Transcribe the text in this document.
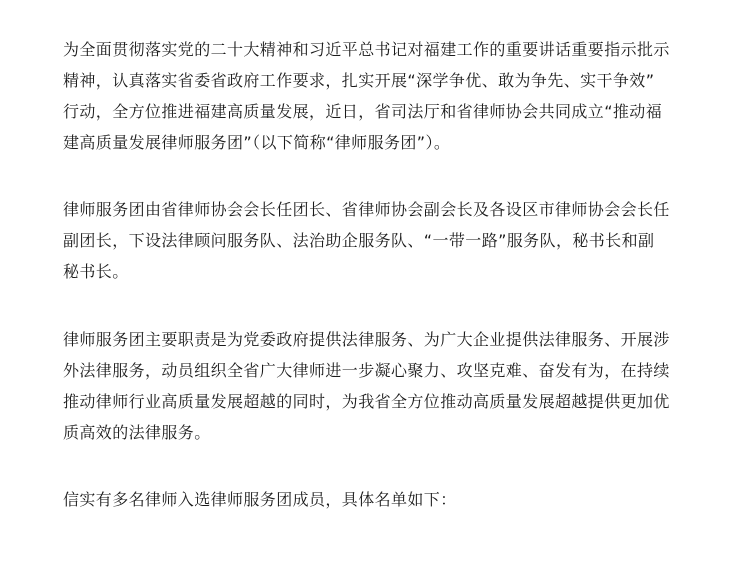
为全面贯彻落实党的二十大精神和习近平总书记对福建工作的重要讲话重要指示批示
精神，认真落实省委省政府工作要求，扎实开展“深学争优、敢为争先、实干争效”
行动，全方位推进福建高质量发展，近日，省司法厅和省律师协会共同成立“推动福
建高质量发展律师服务团”（以下简称“律师服务团”）。

律师服务团由省律师协会会长任团长、省律师协会副会长及各设区市律师协会会长任
副团长，下设法律顾问服务队、法治助企服务队、“一带一路”服务队，秘书长和副
秘书长。

律师服务团主要职责是为党委政府提供法律服务、为广大企业提供法律服务、开展涉
外法律服务，动员组织全省广大律师进一步凝心聚力、攻坚克难、奋发有为，在持续
推动律师行业高质量发展超越的同时，为我省全方位推动高质量发展超越提供更加优
质高效的法律服务。

信实有多名律师入选律师服务团成员，具体名单如下：
